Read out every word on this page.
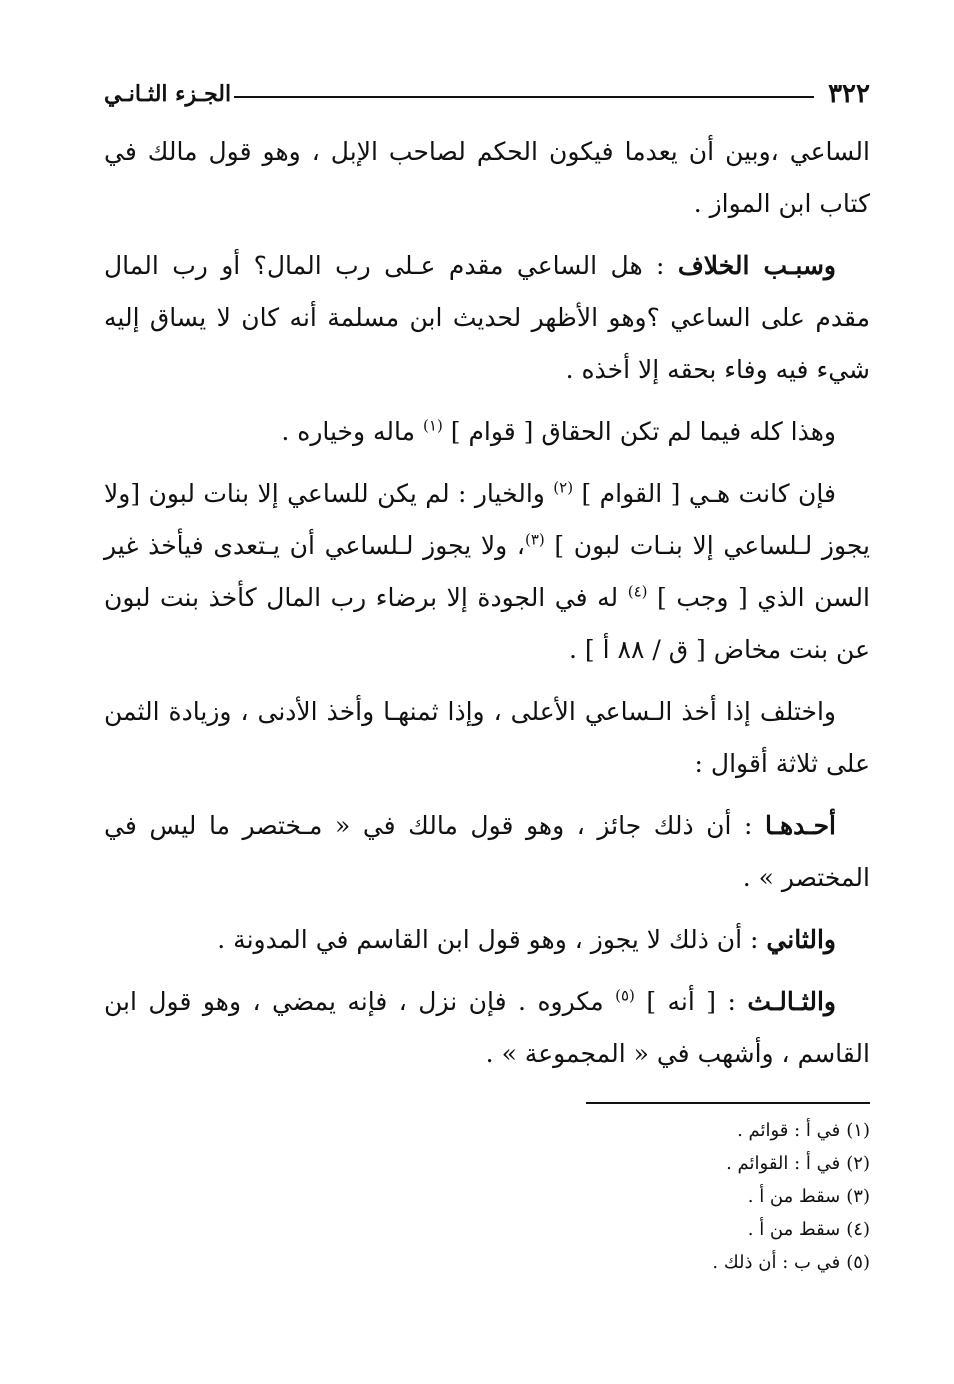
٣٢٢
الجـزء الثـانـي

الساعي ،وبين أن يعدما فيكون الحكم لصاحب الإبل ، وهو قول مالك في كتاب ابن المواز .

وسبـب الخلاف : هل الساعي مقدم عـلى رب المال؟ أو رب المال مقدم على الساعي ؟وهو الأظهر لحديث ابن مسلمة أنه كان لا يساق إليه شيء فيه وفاء بحقه إلا أخذه .

وهذا كله فيما لم تكن الحقاق [ قوام ] $^{(١)}$ ماله وخياره .

فإن كانت هـي [ القوام ] $^{(٢)}$ والخيار : لم يكن للساعي إلا بنات لبون [ولا يجوز لـلساعي إلا بنـات لبون ] $^{(٣)}$، ولا يجوز لـلساعي أن يـتعدى فيأخذ غير السن الذي [ وجب ] $^{(٤)}$ له في الجودة إلا برضاء رب المال كأخذ بنت لبون عن بنت مخاض [ ق / ٨٨ أ ] .

واختلف إذا أخذ الـساعي الأعلى ، وإذا ثمنهـا وأخذ الأدنى ، وزيادة الثمن على ثلاثة أقوال :

أحـدهـا : أن ذلك جائز ، وهو قول مالك في « مـختصر ما ليس في المختصر » .

والثاني : أن ذلك لا يجوز ، وهو قول ابن القاسم في المدونة .

والثـالـث : [ أنه ] $^{(٥)}$ مكروه . فإن نزل ، فإنه يمضي ، وهو قول ابن القاسم ، وأشهب في « المجموعة » .

(١)في أ : قوائم .
(٢)في أ : القوائم .
(٣)سقط من أ .
(٤)سقط من أ .
(٥)في ب : أن ذلك .
